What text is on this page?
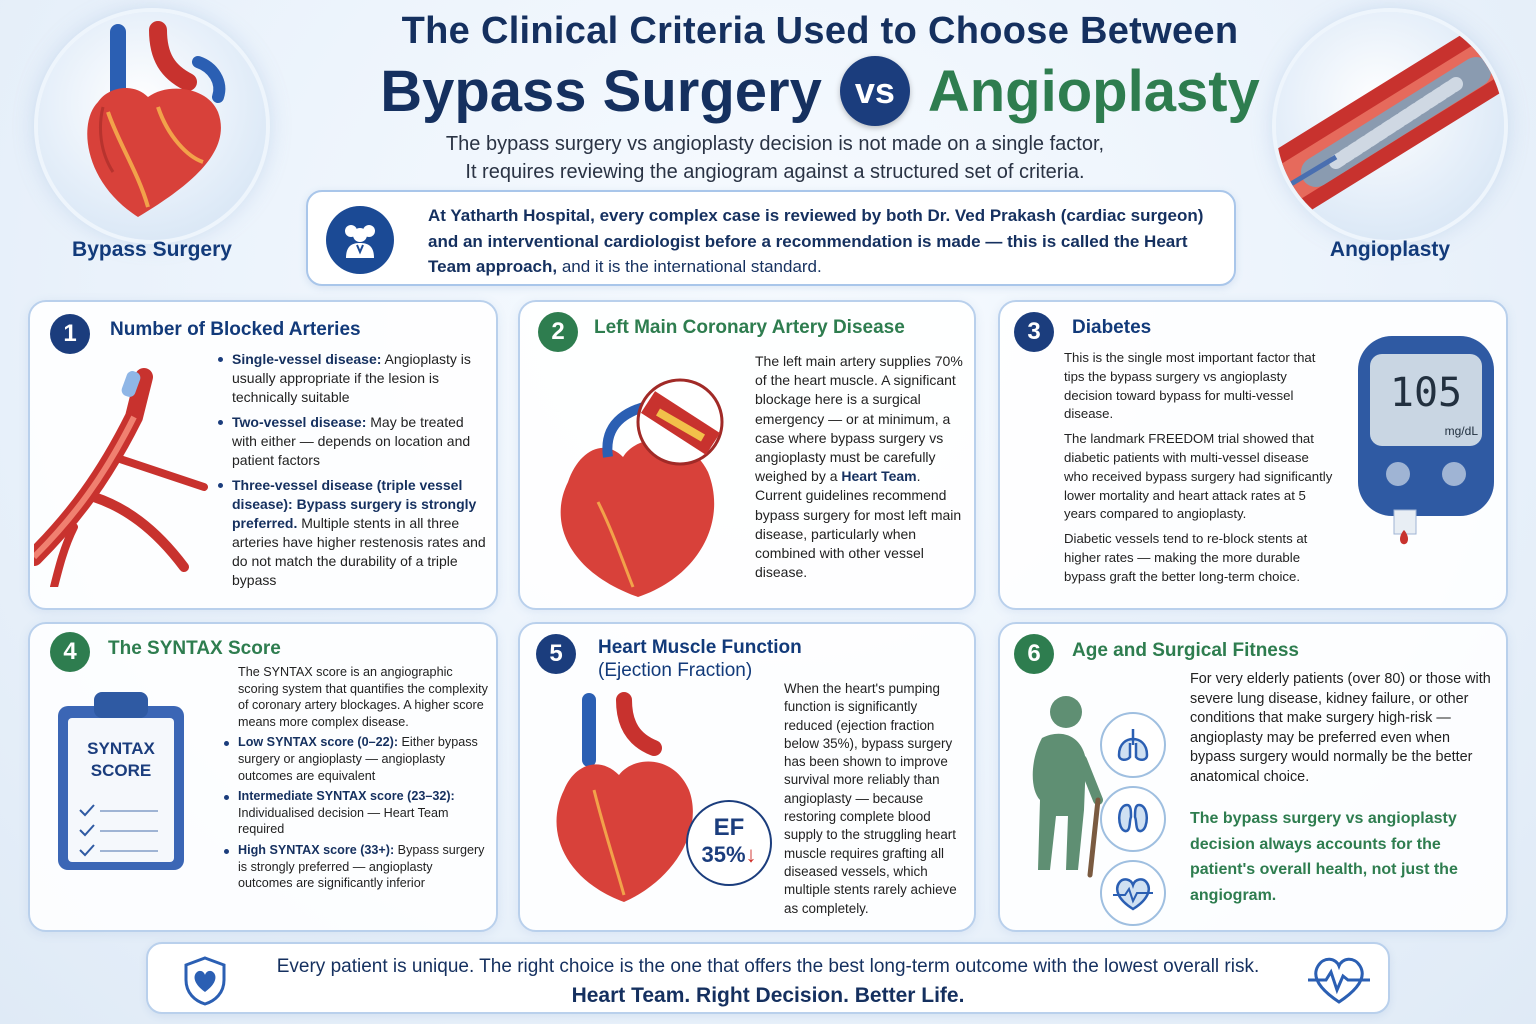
Bypass Surgery	Angioplasty
The Clinical Criteria Used to Choose Between
Bypass Surgery vs Angioplasty
The bypass surgery vs angioplasty decision is not made on a single factor,
It requires reviewing the angiogram against a structured set of criteria.
At Yatharth Hospital, every complex case is reviewed by both Dr. Ved Prakash (cardiac surgeon) and an interventional cardiologist before a recommendation is made — this is called the Heart Team approach, and it is the international standard.
1	Number of Blocked Arteries
Single-vessel disease: Angioplasty is usually appropriate if the lesion is technically suitable
Two-vessel disease: May be treated with either — depends on location and patient factors
Three-vessel disease (triple vessel disease): Bypass surgery is strongly preferred. Multiple stents in all three arteries have higher restenosis rates and do not match the durability of a triple bypass
2	Left Main Coronary Artery Disease
The left main artery supplies 70% of the heart muscle. A significant blockage here is a surgical emergency — or at minimum, a case where bypass surgery vs angioplasty must be carefully weighed by a Heart Team. Current guidelines recommend bypass surgery for most left main disease, particularly when combined with other vessel disease.
3	Diabetes

This is the single most important factor that tips the bypass surgery vs angioplasty decision toward bypass for multi-vessel disease.

The landmark FREEDOM trial showed that diabetic patients with multi-vessel disease who received bypass surgery had significantly lower mortality and heart attack rates at 5 years compared to angioplasty.

Diabetic vessels tend to re-block stents at higher rates — making the more durable bypass graft the better long-term choice.

105
mg/dL
4	The SYNTAX Score
SYNTAX
SCORE

The SYNTAX score is an angiographic scoring system that quantifies the complexity of coronary artery blockages. A higher score means more complex disease.

Low SYNTAX score (0–22): Either bypass surgery or angioplasty — angioplasty outcomes are equivalent
Intermediate SYNTAX score (23–32): Individualised decision — Heart Team required
High SYNTAX score (33+): Bypass surgery is strongly preferred — angioplasty outcomes are significantly inferior
5	Heart Muscle Function
(Ejection Fraction)
EF
35%↓
When the heart's pumping function is significantly reduced (ejection fraction below 35%), bypass surgery has been shown to improve survival more reliably than angioplasty — because restoring complete blood supply to the struggling heart muscle requires grafting all diseased vessels, which multiple stents rarely achieve as completely.
6	Age and Surgical Fitness
For very elderly patients (over 80) or those with severe lung disease, kidney failure, or other conditions that make surgery high-risk — angioplasty may be preferred even when bypass surgery would normally be the better anatomical choice.
The bypass surgery vs angioplasty decision always accounts for the patient's overall health, not just the angiogram.
Every patient is unique. The right choice is the one that offers the best long-term outcome with the lowest overall risk.
Heart Team. Right Decision. Better Life.
